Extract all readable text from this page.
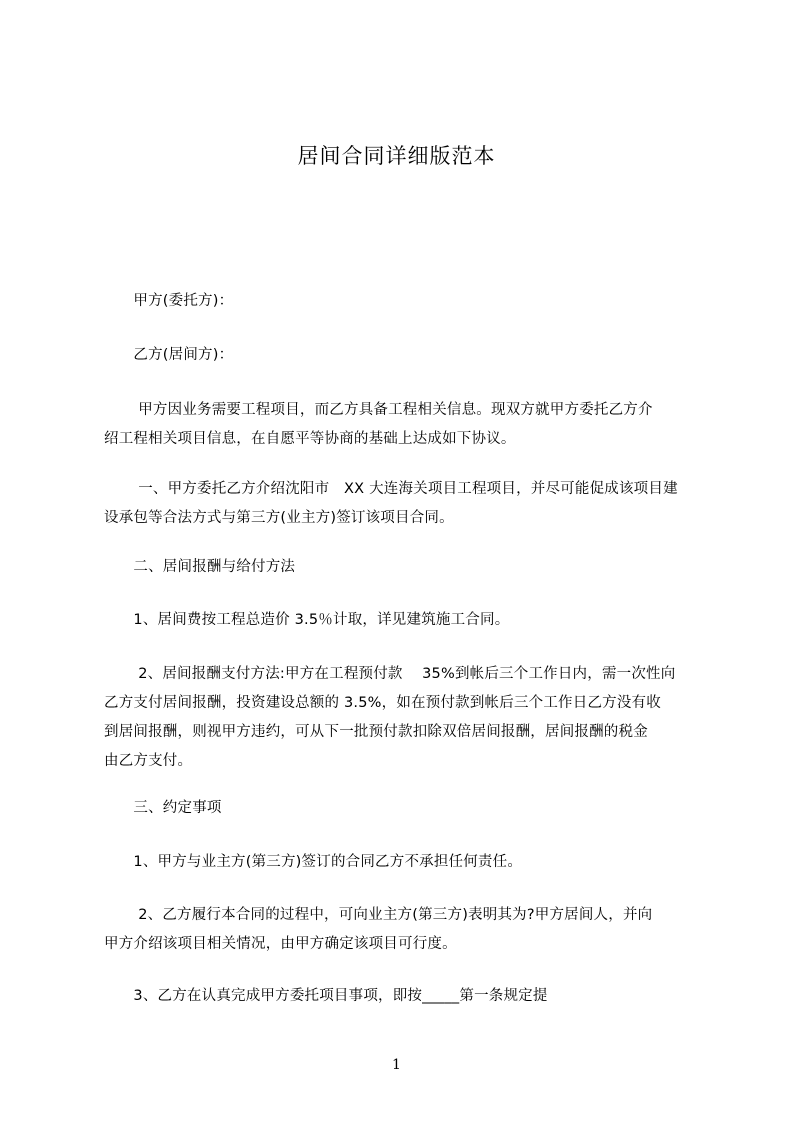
居间合同详细版范本
　　甲方(委托方)：
　　乙方(居间方)：
　　 甲方因业务需要工程项目，而乙方具备工程相关信息。现双方就甲方委托乙方介
绍工程相关项目信息，在自愿平等协商的基础上达成如下协议。
　　 一、甲方委托乙方介绍沈阳市　XX 大连海关项目工程项目，并尽可能促成该项目建
设承包等合法方式与第三方(业主方)签订该项目合同。
　　二、居间报酬与给付方法
　　1、居间费按工程总造价 3.5％计取，详见建筑施工合同。
　　 2、居间报酬支付方法:甲方在工程预付款　 35%到帐后三个工作日内，需一次性向
乙方支付居间报酬，投资建设总额的 3.5%，如在预付款到帐后三个工作日乙方没有收
到居间报酬，则视甲方违约，可从下一批预付款扣除双倍居间报酬，居间报酬的税金
由乙方支付。
　　三、约定事项
　　1、甲方与业主方(第三方)签订的合同乙方不承担任何责任。
　　 2、乙方履行本合同的过程中，可向业主方(第三方)表明其为?甲方居间人，并向
甲方介绍该项目相关情况，由甲方确定该项目可行度。
　　3、乙方在认真完成甲方委托项目事项，即按_____第一条规定提
1
